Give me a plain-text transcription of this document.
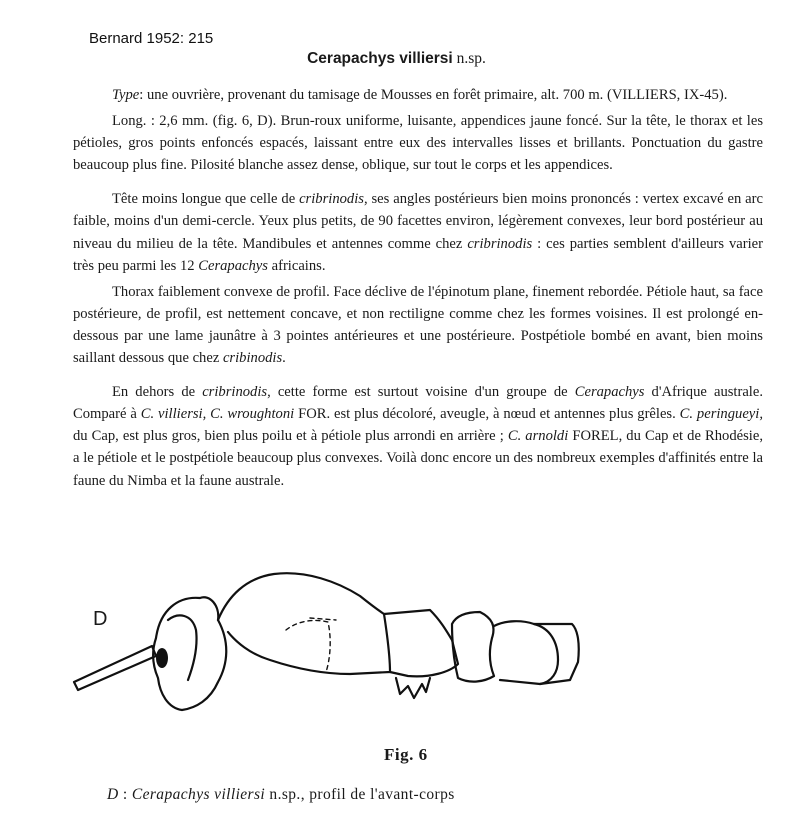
Bernard 1952: 215
Cerapachys villiersi n.sp.

Type: une ouvrière, provenant du tamisage de Mousses en forêt primaire, alt. 700 m. (VILLIERS, IX-45).

Long. : 2,6 mm. (fig. 6, D). Brun-roux uniforme, luisante, appendices jaune foncé. Sur la tête, le thorax et les pétioles, gros points enfoncés espacés, laissant entre eux des intervalles lisses et brillants. Ponctuation du gastre beaucoup plus fine. Pilosité blanche assez dense, oblique, sur tout le corps et les appendices.

Tête moins longue que celle de cribrinodis, ses angles postérieurs bien moins prononcés : vertex excavé en arc faible, moins d'un demi-cercle. Yeux plus petits, de 90 facettes environ, légèrement convexes, leur bord postérieur au niveau du milieu de la tête. Mandibules et antennes comme chez cribrinodis : ces parties semblent d'ailleurs varier très peu parmi les 12 Cerapachys africains.

Thorax faiblement convexe de profil. Face déclive de l'épinotum plane, finement rebordée. Pétiole haut, sa face postérieure, de profil, est nettement concave, et non rectiligne comme chez les formes voisines. Il est prolongé en-dessous par une lame jaunâtre à 3 pointes antérieures et une postérieure. Postpétiole bombé en avant, bien moins saillant dessous que chez cribinodis.

En dehors de cribrinodis, cette forme est surtout voisine d'un groupe de Cerapachys d'Afrique australe. Comparé à C. villiersi, C. wroughtoni FOR. est plus décoloré, aveugle, à nœud et antennes plus grêles. C. peringueyi, du Cap, est plus gros, bien plus poilu et à pétiole plus arrondi en arrière ; C. arnoldi FOREL, du Cap et de Rhodésie, a le pétiole et le postpétiole beaucoup plus convexes. Voilà donc encore un des nombreux exemples d'affinités entre la faune du Nimba et la faune australe.

D
Fig. 6
D : Cerapachys villiersi n.sp., profil de l'avant-corps
